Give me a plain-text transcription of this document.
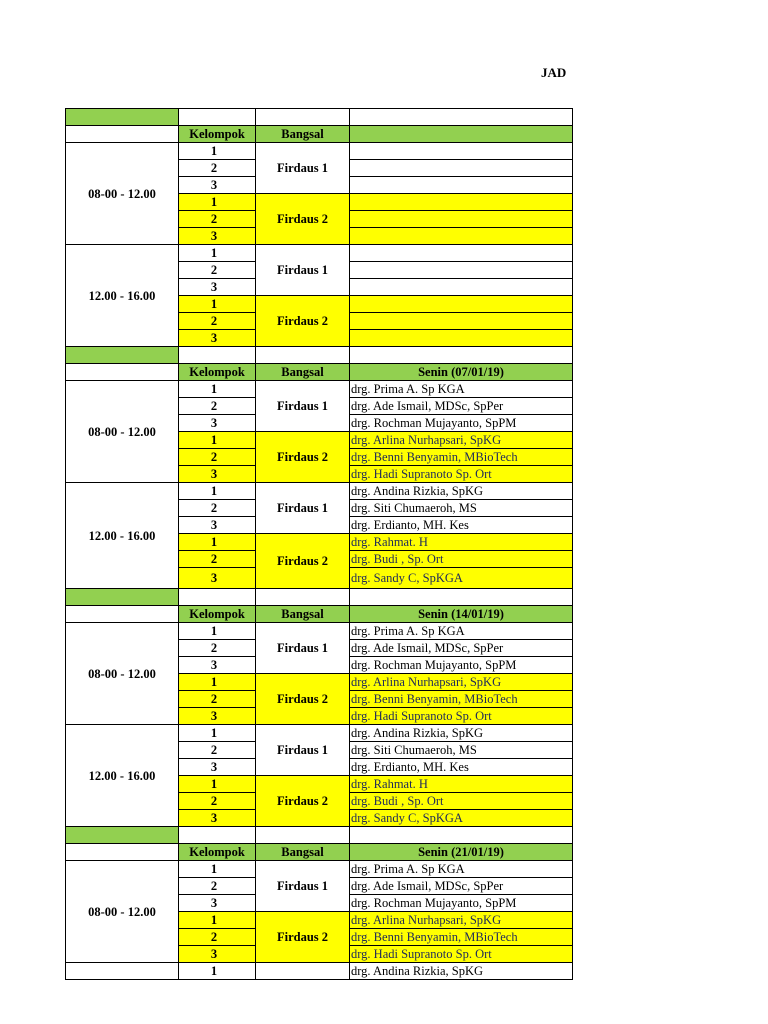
JAD

	Kelompok	Bangsal	
08-00 - 12.00	1	Firdaus 1	
	2		
	3		
	1	Firdaus 2	
	2		
	3		
12.00 - 16.00	1	Firdaus 1	
	2		
	3		
	1	Firdaus 2	
	2		
	3		

	Kelompok	Bangsal	Senin (07/01/19)
08-00 - 12.00	1	Firdaus 1	drg. Prima A. Sp KGA
	2		drg. Ade Ismail, MDSc, SpPer
	3		drg. Rochman Mujayanto, SpPM
	1	Firdaus 2	drg. Arlina Nurhapsari, SpKG
	2		drg. Benni Benyamin, MBioTech
	3		drg. Hadi Supranoto Sp. Ort
12.00 - 16.00	1	Firdaus 1	drg. Andina Rizkia, SpKG
	2		drg. Siti Chumaeroh, MS
	3		drg. Erdianto, MH. Kes
	1	Firdaus 2	drg. Rahmat. H
	2		drg. Budi , Sp. Ort
	3		drg. Sandy C, SpKGA

	Kelompok	Bangsal	Senin (14/01/19)
08-00 - 12.00	1	Firdaus 1	drg. Prima A. Sp KGA
	2		drg. Ade Ismail, MDSc, SpPer
	3		drg. Rochman Mujayanto, SpPM
	1	Firdaus 2	drg. Arlina Nurhapsari, SpKG
	2		drg. Benni Benyamin, MBioTech
	3		drg. Hadi Supranoto Sp. Ort
12.00 - 16.00	1	Firdaus 1	drg. Andina Rizkia, SpKG
	2		drg. Siti Chumaeroh, MS
	3		drg. Erdianto, MH. Kes
	1	Firdaus 2	drg. Rahmat. H
	2		drg. Budi , Sp. Ort
	3		drg. Sandy C, SpKGA

	Kelompok	Bangsal	Senin (21/01/19)
08-00 - 12.00	1	Firdaus 1	drg. Prima A. Sp KGA
	2		drg. Ade Ismail, MDSc, SpPer
	3		drg. Rochman Mujayanto, SpPM
	1	Firdaus 2	drg. Arlina Nurhapsari, SpKG
	2		drg. Benni Benyamin, MBioTech
	3		drg. Hadi Supranoto Sp. Ort
	1		drg. Andina Rizkia, SpKG
